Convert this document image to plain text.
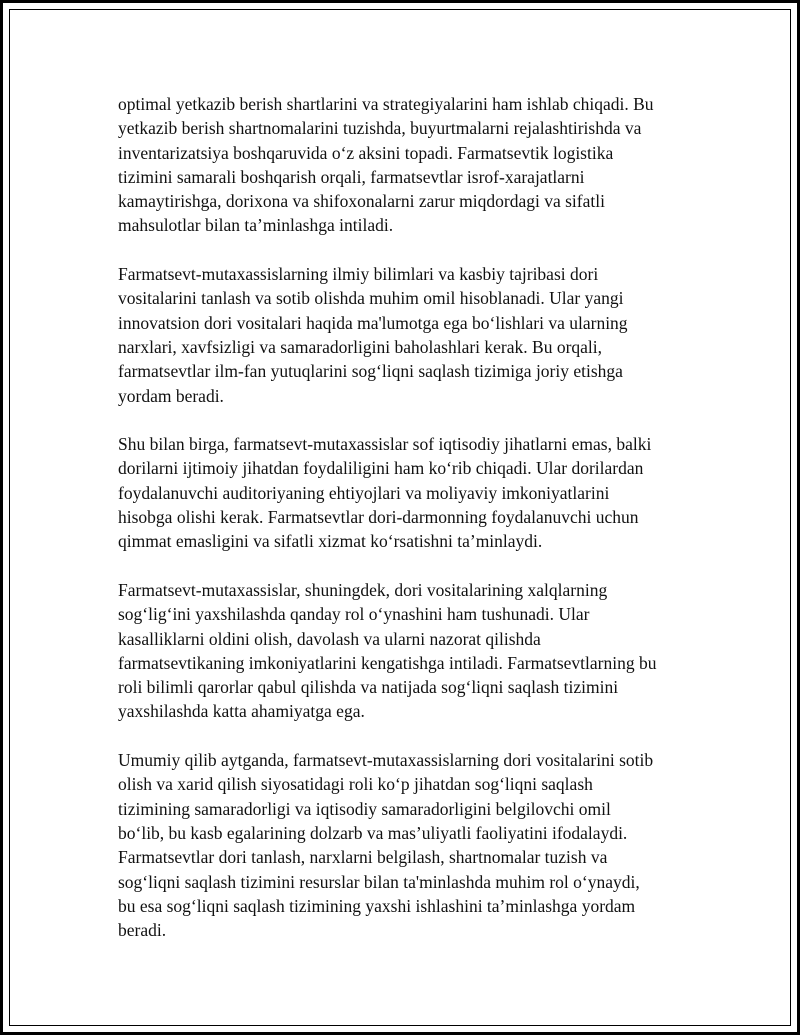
optimal yetkazib berish shartlarini va strategiyalarini ham ishlab chiqadi. Bu
yetkazib berish shartnomalarini tuzishda, buyurtmalarni rejalashtirishda va
inventarizatsiya boshqaruvida o‘z aksini topadi. Farmatsevtik logistika
tizimini samarali boshqarish orqali, farmatsevtlar isrof-xarajatlarni
kamaytirishga, dorixona va shifoxonalarni zarur miqdordagi va sifatli
mahsulotlar bilan ta’minlashga intiladi.

Farmatsevt-mutaxassislarning ilmiy bilimlari va kasbiy tajribasi dori
vositalarini tanlash va sotib olishda muhim omil hisoblanadi. Ular yangi
innovatsion dori vositalari haqida ma'lumotga ega bo‘lishlari va ularning
narxlari, xavfsizligi va samaradorligini baholashlari kerak. Bu orqali,
farmatsevtlar ilm-fan yutuqlarini sog‘liqni saqlash tizimiga joriy etishga
yordam beradi.

Shu bilan birga, farmatsevt-mutaxassislar sof iqtisodiy jihatlarni emas, balki
dorilarni ijtimoiy jihatdan foydaliligini ham ko‘rib chiqadi. Ular dorilardan
foydalanuvchi auditoriyaning ehtiyojlari va moliyaviy imkoniyatlarini
hisobga olishi kerak. Farmatsevtlar dori-darmonning foydalanuvchi uchun
qimmat emasligini va sifatli xizmat ko‘rsatishni ta’minlaydi.

Farmatsevt-mutaxassislar, shuningdek, dori vositalarining xalqlarning
sog‘lig‘ini yaxshilashda qanday rol o‘ynashini ham tushunadi. Ular
kasalliklarni oldini olish, davolash va ularni nazorat qilishda
farmatsevtikaning imkoniyatlarini kengatishga intiladi. Farmatsevtlarning bu
roli bilimli qarorlar qabul qilishda va natijada sog‘liqni saqlash tizimini
yaxshilashda katta ahamiyatga ega.

Umumiy qilib aytganda, farmatsevt-mutaxassislarning dori vositalarini sotib
olish va xarid qilish siyosatidagi roli ko‘p jihatdan sog‘liqni saqlash
tizimining samaradorligi va iqtisodiy samaradorligini belgilovchi omil
bo‘lib, bu kasb egalarining dolzarb va mas’uliyatli faoliyatini ifodalaydi.
Farmatsevtlar dori tanlash, narxlarni belgilash, shartnomalar tuzish va
sog‘liqni saqlash tizimini resurslar bilan ta'minlashda muhim rol o‘ynaydi,
bu esa sog‘liqni saqlash tizimining yaxshi ishlashini ta’minlashga yordam
beradi.
